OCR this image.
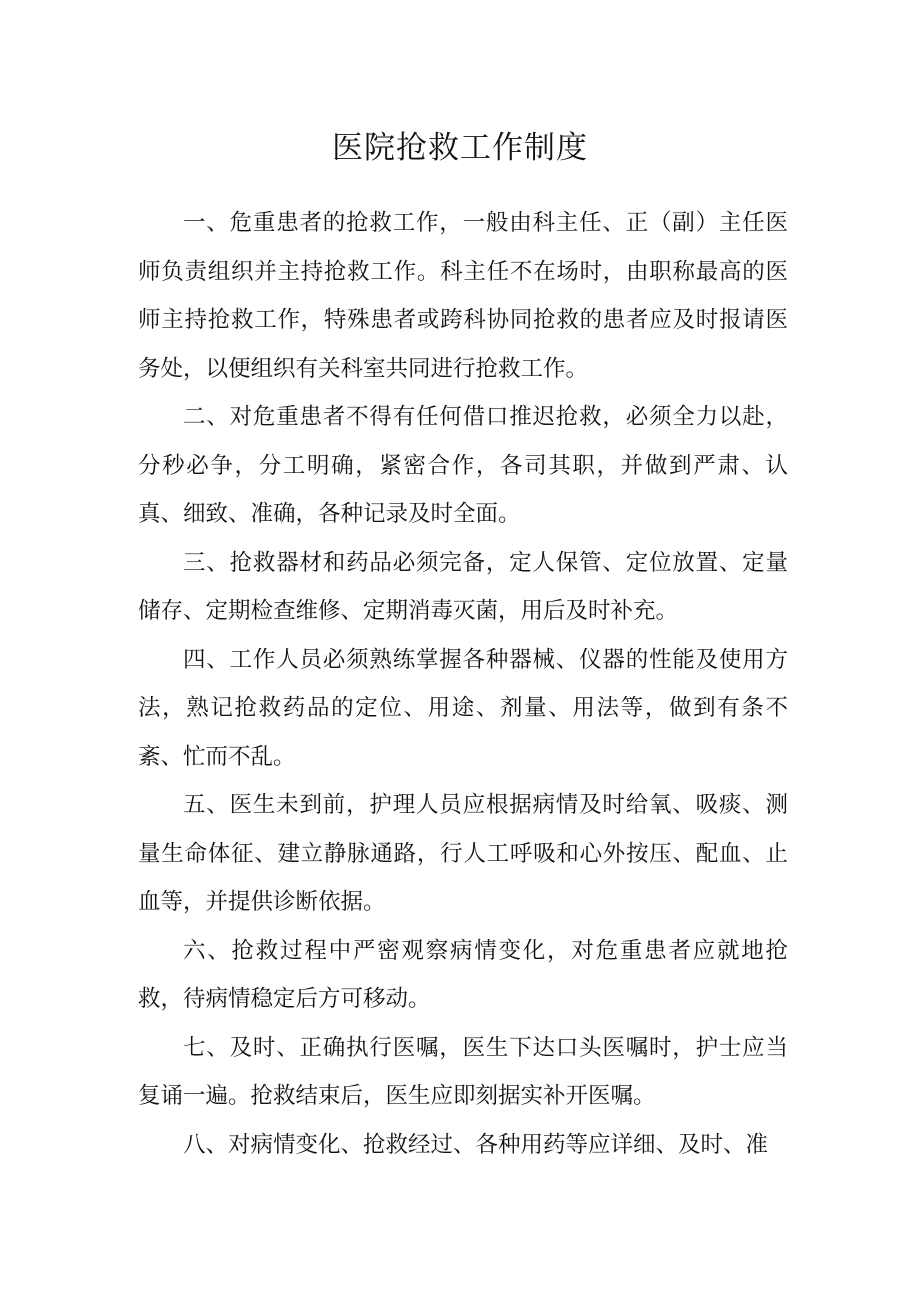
医院抢救工作制度

一、危重患者的抢救工作，一般由科主任、正（副）主任医师负责组织并主持抢救工作。科主任不在场时，由职称最高的医师主持抢救工作，特殊患者或跨科协同抢救的患者应及时报请医务处，以便组织有关科室共同进行抢救工作。

二、对危重患者不得有任何借口推迟抢救，必须全力以赴，分秒必争，分工明确，紧密合作，各司其职，并做到严肃、认真、细致、准确，各种记录及时全面。

三、抢救器材和药品必须完备，定人保管、定位放置、定量储存、定期检查维修、定期消毒灭菌，用后及时补充。

四、工作人员必须熟练掌握各种器械、仪器的性能及使用方法，熟记抢救药品的定位、用途、剂量、用法等，做到有条不紊、忙而不乱。

五、医生未到前，护理人员应根据病情及时给氧、吸痰、测量生命体征、建立静脉通路，行人工呼吸和心外按压、配血、止血等，并提供诊断依据。

六、抢救过程中严密观察病情变化，对危重患者应就地抢救，待病情稳定后方可移动。

七、及时、正确执行医嘱，医生下达口头医嘱时，护士应当复诵一遍。抢救结束后，医生应即刻据实补开医嘱。

八、对病情变化、抢救经过、各种用药等应详细、及时、准
